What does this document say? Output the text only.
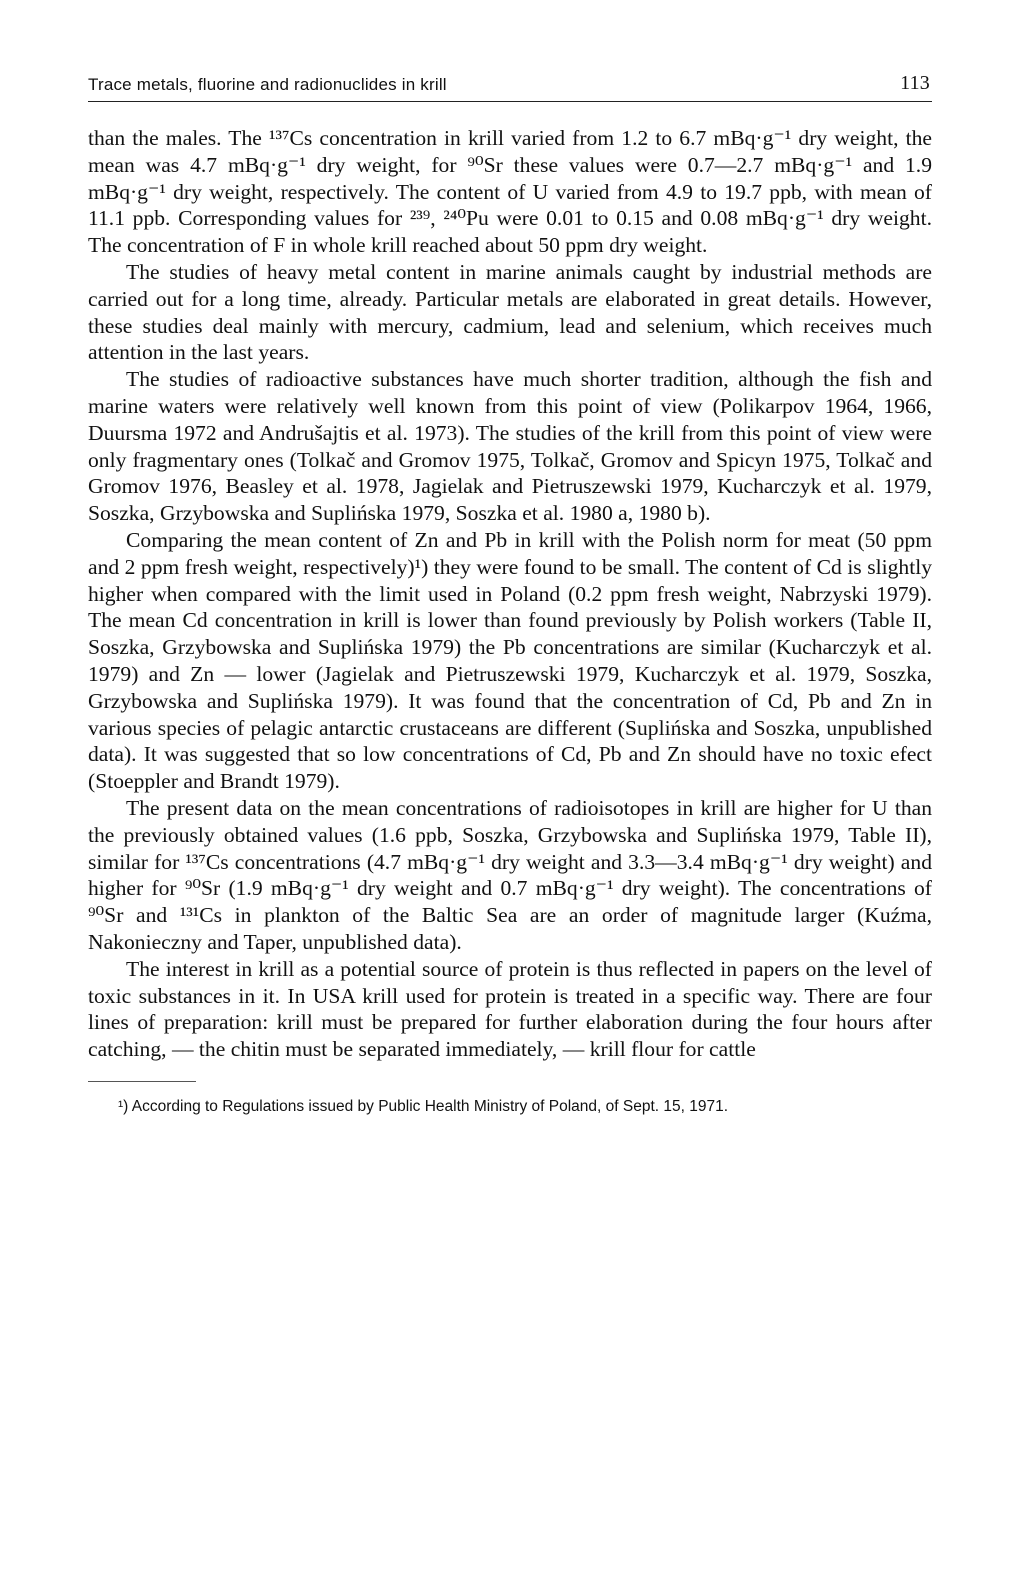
Trace metals, fluorine and radionuclides in krill	113

than the males. The ¹³⁷Cs concentration in krill varied from 1.2 to 6.7 mBq·g⁻¹ dry weight, the mean was 4.7 mBq·g⁻¹ dry weight, for ⁹⁰Sr these values were 0.7—2.7 mBq·g⁻¹ and 1.9 mBq·g⁻¹ dry weight, respectively. The content of U varied from 4.9 to 19.7 ppb, with mean of 11.1 ppb. Corresponding values for ²³⁹, ²⁴⁰Pu were 0.01 to 0.15 and 0.08 mBq·g⁻¹ dry weight. The concentration of F in whole krill reached about 50 ppm dry weight.

The studies of heavy metal content in marine animals caught by industrial methods are carried out for a long time, already. Particular metals are elaborated in great details. However, these studies deal mainly with mercury, cadmium, lead and selenium, which receives much attention in the last years.

The studies of radioactive substances have much shorter tradition, although the fish and marine waters were relatively well known from this point of view (Polikarpov 1964, 1966, Duursma 1972 and Andrušajtis et al. 1973). The studies of the krill from this point of view were only fragmentary ones (Tolkač and Gromov 1975, Tolkač, Gromov and Spicyn 1975, Tolkač and Gromov 1976, Beasley et al. 1978, Jagielak and Pietruszewski 1979, Kucharczyk et al. 1979, Soszka, Grzybowska and Suplińska 1979, Soszka et al. 1980 a, 1980 b).

Comparing the mean content of Zn and Pb in krill with the Polish norm for meat (50 ppm and 2 ppm fresh weight, respectively)¹) they were found to be small. The content of Cd is slightly higher when compared with the limit used in Poland (0.2 ppm fresh weight, Nabrzyski 1979). The mean Cd concentration in krill is lower than found previously by Polish workers (Table II, Soszka, Grzybowska and Suplińska 1979) the Pb concentrations are similar (Kucharczyk et al. 1979) and Zn — lower (Jagielak and Pietruszewski 1979, Kucharczyk et al. 1979, Soszka, Grzybowska and Suplińska 1979). It was found that the concentration of Cd, Pb and Zn in various species of pelagic antarctic crustaceans are different (Suplińska and Soszka, unpublished data). It was suggested that so low concentrations of Cd, Pb and Zn should have no toxic efect (Stoeppler and Brandt 1979).

The present data on the mean concentrations of radioisotopes in krill are higher for U than the previously obtained values (1.6 ppb, Soszka, Grzybowska and Suplińska 1979, Table II), similar for ¹³⁷Cs concentrations (4.7 mBq·g⁻¹ dry weight and 3.3—3.4 mBq·g⁻¹ dry weight) and higher for ⁹⁰Sr (1.9 mBq·g⁻¹ dry weight and 0.7 mBq·g⁻¹ dry weight). The concentrations of ⁹⁰Sr and ¹³¹Cs in plankton of the Baltic Sea are an order of magnitude larger (Kuźma, Nakonieczny and Taper, unpublished data).

The interest in krill as a potential source of protein is thus reflected in papers on the level of toxic substances in it. In USA krill used for protein is treated in a specific way. There are four lines of preparation: krill must be prepared for further elaboration during the four hours after catching, — the chitin must be separated immediately, — krill flour for cattle

¹) According to Regulations issued by Public Health Ministry of Poland, of Sept. 15, 1971.
